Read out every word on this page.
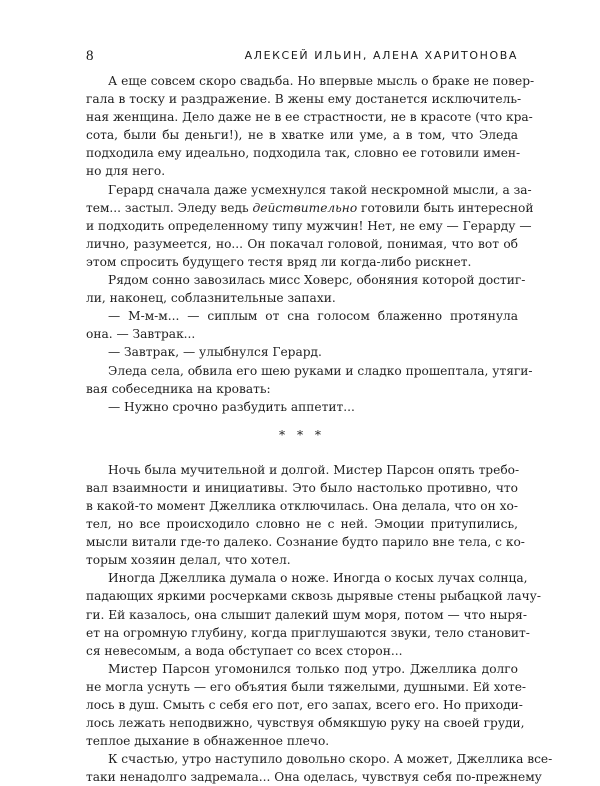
8	АЛЕКСЕЙ ИЛЬИН, АЛЕНА ХАРИТОНОВА
А еще совсем скоро свадьба. Но впервые мысль о браке не повер-
гала в тоску и раздражение. В жены ему достанется исключитель-
ная женщина. Дело даже не в ее страстности, не в красоте (что кра-
сота, были бы деньги!), не в хватке или уме, а в том, что Эледа
подходила ему идеально, подходила так, словно ее готовили имен-
но для него.
Герард сначала даже усмехнулся такой нескромной мысли, а за-
тем... застыл. Эледу ведь действительно готовили быть интересной
и подходить определенному типу мужчин! Нет, не ему — Герарду —
лично, разумеется, но... Он покачал головой, понимая, что вот об
этом спросить будущего тестя вряд ли когда-либо рискнет.
Рядом сонно завозилась мисс Ховерс, обоняния которой достиг-
ли, наконец, соблазнительные запахи.
— М-м-м... — сиплым от сна голосом блаженно протянула
она. — Завтрак...
— Завтрак, — улыбнулся Герард.
Эледа села, обвила его шею руками и сладко прошептала, утяги-
вая собеседника на кровать:
— Нужно срочно разбудить аппетит...
* * *
Ночь была мучительной и долгой. Мистер Парсон опять требо-
вал взаимности и инициативы. Это было настолько противно, что
в какой-то момент Джеллика отключилась. Она делала, что он хо-
тел, но все происходило словно не с ней. Эмоции притупились,
мысли витали где-то далеко. Сознание будто парило вне тела, с ко-
торым хозяин делал, что хотел.
Иногда Джеллика думала о ноже. Иногда о косых лучах солнца,
падающих яркими росчерками сквозь дырявые стены рыбацкой лачу-
ги. Ей казалось, она слышит далекий шум моря, потом — что ныря-
ет на огромную глубину, когда приглушаются звуки, тело становит-
ся невесомым, а вода обступает со всех сторон...
Мистер Парсон угомонился только под утро. Джеллика долго
не могла уснуть — его объятия были тяжелыми, душными. Ей хоте-
лось в душ. Смыть с себя его пот, его запах, всего его. Но приходи-
лось лежать неподвижно, чувствуя обмякшую руку на своей груди,
теплое дыхание в обнаженное плечо.
К счастью, утро наступило довольно скоро. А может, Джеллика все-
таки ненадолго задремала... Она оделась, чувствуя себя по-прежнему
